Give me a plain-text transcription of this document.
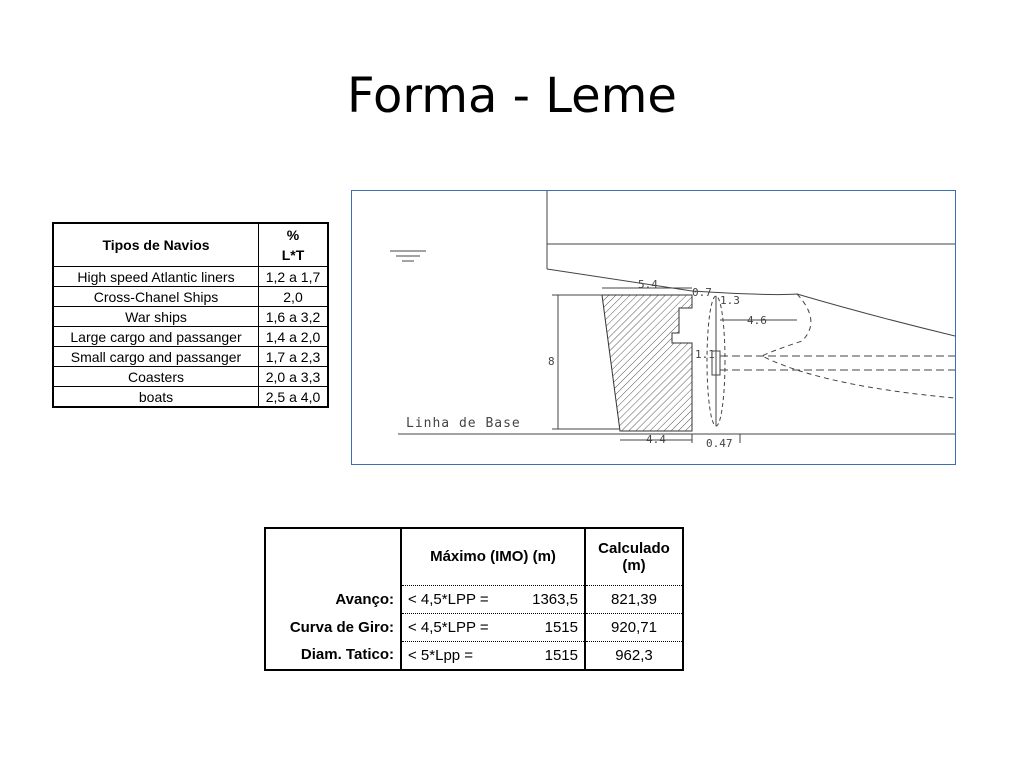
Forma - Leme
Tipos de Navios	%
L*T

High speed Atlantic liners	1,2 a 1,7
Cross-Chanel Ships	2,0
War ships	1,6 a 3,2
Large cargo and passanger	1,4 a 2,0
Small cargo and passanger	1,7 a 2,3
Coasters	2,0 a 3,3
boats	2,5 a 4,0
Linha de Base
8
5.4
0.7
1.3
1.1
4.6
4.4	0.47
	Máximo (IMO) (m)	Calculado
(m)

Avanço:	< 4,5*LPP = 1363,5	821,39
Curva de Giro:	< 4,5*LPP = 1515	920,71
Diam. Tatico:	< 5*Lpp = 1515	962,3
